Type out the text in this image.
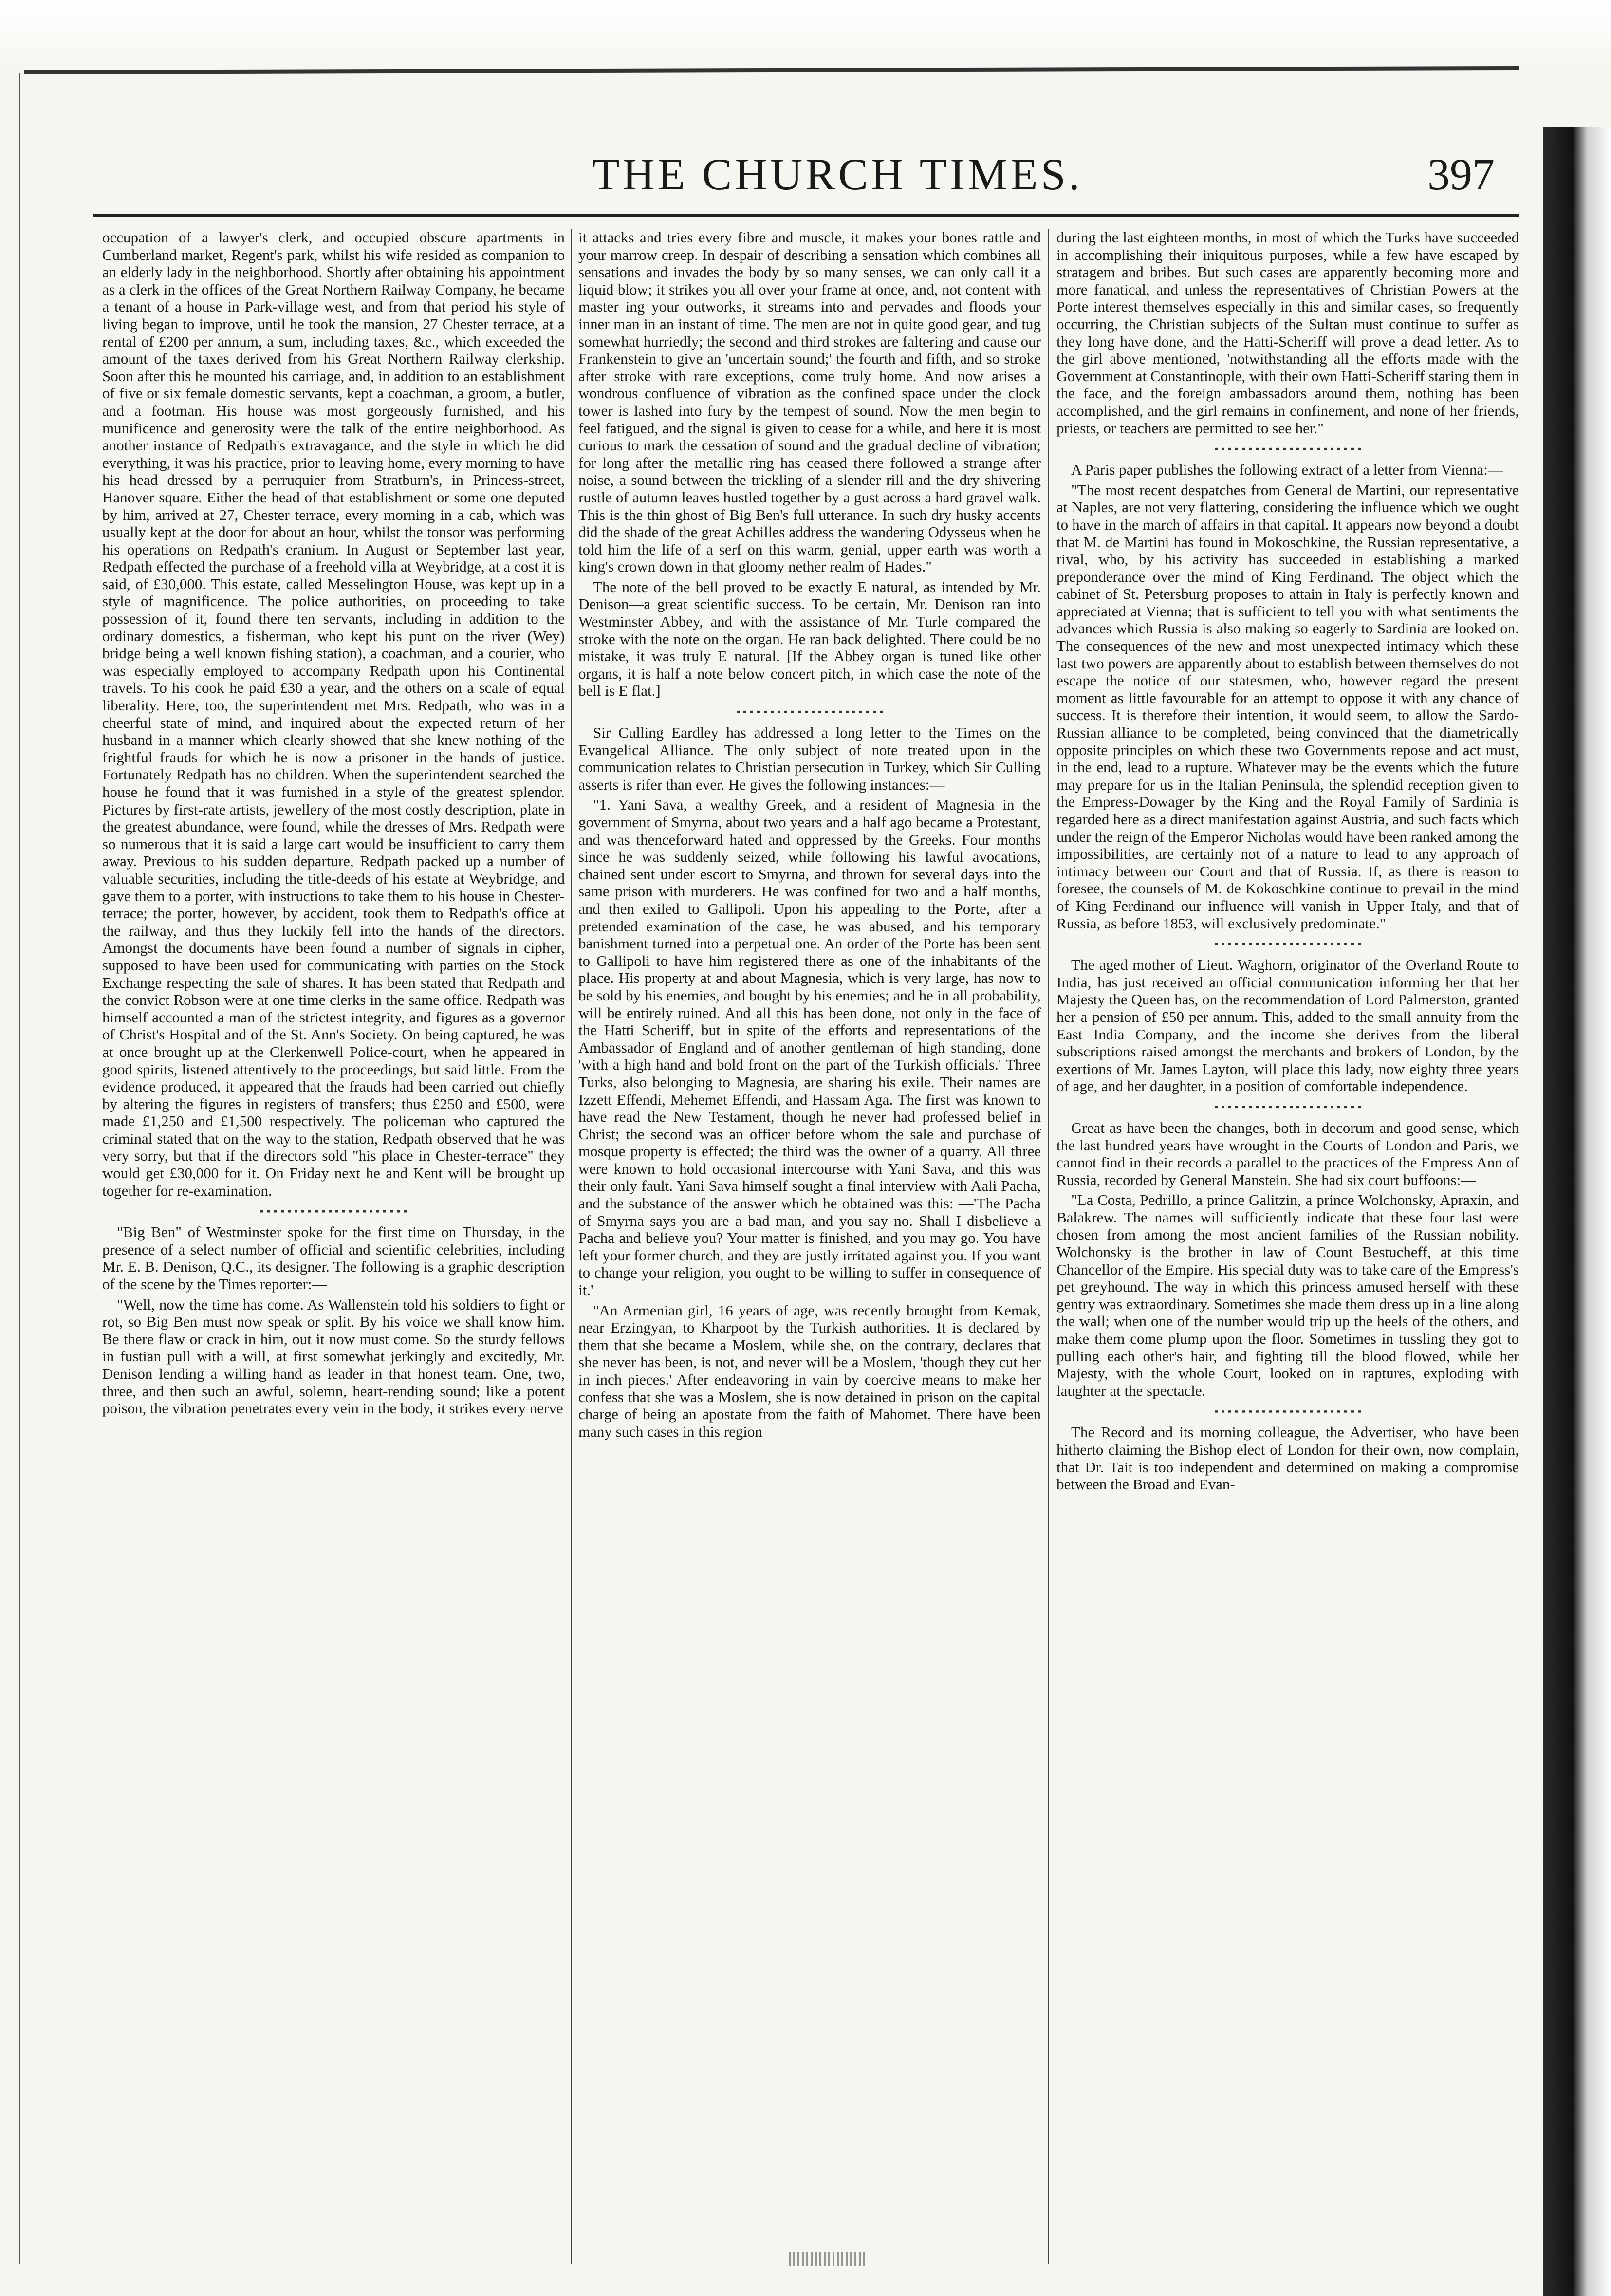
THE CHURCH TIMES.	397

occupation of a lawyer's clerk, and occupied obscure apartments in Cumberland market, Regent's park, whilst his wife resided as companion to an elderly lady in the neighborhood. Shortly after obtaining his appointment as a clerk in the offices of the Great Northern Railway Company, he became a tenant of a house in Park-village west, and from that period his style of living began to improve, until he took the mansion, 27 Chester terrace, at a rental of £200 per annum, a sum, including taxes, &c., which exceeded the amount of the taxes derived from his Great Northern Railway clerkship. Soon after this he mounted his carriage, and, in addition to an establishment of five or six female domestic servants, kept a coachman, a groom, a butler, and a footman. His house was most gorgeously furnished, and his munificence and generosity were the talk of the entire neighborhood. As another instance of Redpath's extravagance, and the style in which he did everything, it was his practice, prior to leaving home, every morning to have his head dressed by a perruquier from Stratburn's, in Princess-street, Hanover square. Either the head of that establishment or some one deputed by him, arrived at 27, Chester terrace, every morning in a cab, which was usually kept at the door for about an hour, whilst the tonsor was performing his operations on Redpath's cranium. In August or September last year, Redpath effected the purchase of a freehold villa at Weybridge, at a cost it is said, of £30,000. This estate, called Messelington House, was kept up in a style of magnificence. The police authorities, on proceeding to take possession of it, found there ten servants, including in addition to the ordinary domestics, a fisherman, who kept his punt on the river (Wey) bridge being a well known fishing station), a coachman, and a courier, who was especially employed to accompany Redpath upon his Continental travels. To his cook he paid £30 a year, and the others on a scale of equal liberality. Here, too, the superintendent met Mrs. Redpath, who was in a cheerful state of mind, and inquired about the expected return of her husband in a manner which clearly showed that she knew nothing of the frightful frauds for which he is now a prisoner in the hands of justice. Fortunately Redpath has no children. When the superintendent searched the house he found that it was furnished in a style of the greatest splendor. Pictures by first-rate artists, jewellery of the most costly description, plate in the greatest abundance, were found, while the dresses of Mrs. Redpath were so numerous that it is said a large cart would be insufficient to carry them away. Previous to his sudden departure, Redpath packed up a number of valuable securities, including the title-deeds of his estate at Weybridge, and gave them to a porter, with instructions to take them to his house in Chester-terrace; the porter, however, by accident, took them to Redpath's office at the railway, and thus they luckily fell into the hands of the directors. Amongst the documents have been found a number of signals in cipher, supposed to have been used for communicating with parties on the Stock Exchange respecting the sale of shares. It has been stated that Redpath and the convict Robson were at one time clerks in the same office. Redpath was himself accounted a man of the strictest integrity, and figures as a governor of Christ's Hospital and of the St. Ann's Society. On being captured, he was at once brought up at the Clerkenwell Police-court, when he appeared in good spirits, listened attentively to the proceedings, but said little. From the evidence produced, it appeared that the frauds had been carried out chiefly by altering the figures in registers of transfers; thus £250 and £500, were made £1,250 and £1,500 respectively. The policeman who captured the criminal stated that on the way to the station, Redpath observed that he was very sorry, but that if the directors sold "his place in Chester-terrace" they would get £30,000 for it. On Friday next he and Kent will be brought up together for re-examination.

"Big Ben" of Westminster spoke for the first time on Thursday, in the presence of a select number of official and scientific celebrities, including Mr. E. B. Denison, Q.C., its designer. The following is a graphic description of the scene by the Times reporter:—

"Well, now the time has come. As Wallenstein told his soldiers to fight or rot, so Big Ben must now speak or split. By his voice we shall know him. Be there flaw or crack in him, out it now must come. So the sturdy fellows in fustian pull with a will, at first somewhat jerkingly and excitedly, Mr. Denison lending a willing hand as leader in that honest team. One, two, three, and then such an awful, solemn, heart-rending sound; like a potent poison, the vibration penetrates every vein in the body, it strikes every nerve

it attacks and tries every fibre and muscle, it makes your bones rattle and your marrow creep. In despair of describing a sensation which combines all sensations and invades the body by so many senses, we can only call it a liquid blow; it strikes you all over your frame at once, and, not content with master ing your outworks, it streams into and pervades and floods your inner man in an instant of time. The men are not in quite good gear, and tug somewhat hurriedly; the second and third strokes are faltering and cause our Frankenstein to give an 'uncertain sound;' the fourth and fifth, and so stroke after stroke with rare exceptions, come truly home. And now arises a wondrous confluence of vibration as the confined space under the clock tower is lashed into fury by the tempest of sound. Now the men begin to feel fatigued, and the signal is given to cease for a while, and here it is most curious to mark the cessation of sound and the gradual decline of vibration; for long after the metallic ring has ceased there followed a strange after noise, a sound between the trickling of a slender rill and the dry shivering rustle of autumn leaves hustled together by a gust across a hard gravel walk. This is the thin ghost of Big Ben's full utterance. In such dry husky accents did the shade of the great Achilles address the wandering Odysseus when he told him the life of a serf on this warm, genial, upper earth was worth a king's crown down in that gloomy nether realm of Hades."

The note of the bell proved to be exactly E natural, as intended by Mr. Denison—a great scientific success. To be certain, Mr. Denison ran into Westminster Abbey, and with the assistance of Mr. Turle compared the stroke with the note on the organ. He ran back delighted. There could be no mistake, it was truly E natural. [If the Abbey organ is tuned like other organs, it is half a note below concert pitch, in which case the note of the bell is E flat.]

Sir Culling Eardley has addressed a long letter to the Times on the Evangelical Alliance. The only subject of note treated upon in the communication relates to Christian persecution in Turkey, which Sir Culling asserts is rifer than ever. He gives the following instances:—

"1. Yani Sava, a wealthy Greek, and a resident of Magnesia in the government of Smyrna, about two years and a half ago became a Protestant, and was thenceforward hated and oppressed by the Greeks. Four months since he was suddenly seized, while following his lawful avocations, chained sent under escort to Smyrna, and thrown for several days into the same prison with murderers. He was confined for two and a half months, and then exiled to Gallipoli. Upon his appealing to the Porte, after a pretended examination of the case, he was abused, and his temporary banishment turned into a perpetual one. An order of the Porte has been sent to Gallipoli to have him registered there as one of the inhabitants of the place. His property at and about Magnesia, which is very large, has now to be sold by his enemies, and bought by his enemies; and he in all probability, will be entirely ruined. And all this has been done, not only in the face of the Hatti Scheriff, but in spite of the efforts and representations of the Ambassador of England and of another gentleman of high standing, done 'with a high hand and bold front on the part of the Turkish officials.' Three Turks, also belonging to Magnesia, are sharing his exile. Their names are Izzett Effendi, Mehemet Effendi, and Hassam Aga. The first was known to have read the New Testament, though he never had professed belief in Christ; the second was an officer before whom the sale and purchase of mosque property is effected; the third was the owner of a quarry. All three were known to hold occasional intercourse with Yani Sava, and this was their only fault. Yani Sava himself sought a final interview with Aali Pacha, and the substance of the answer which he obtained was this: —'The Pacha of Smyrna says you are a bad man, and you say no. Shall I disbelieve a Pacha and believe you? Your matter is finished, and you may go. You have left your former church, and they are justly irritated against you. If you want to change your religion, you ought to be willing to suffer in consequence of it.'

"An Armenian girl, 16 years of age, was recently brought from Kemak, near Erzingyan, to Kharpoot by the Turkish authorities. It is declared by them that she became a Moslem, while she, on the contrary, declares that she never has been, is not, and never will be a Moslem, 'though they cut her in inch pieces.' After endeavoring in vain by coercive means to make her confess that she was a Moslem, she is now detained in prison on the capital charge of being an apostate from the faith of Mahomet. There have been many such cases in this region

during the last eighteen months, in most of which the Turks have succeeded in accomplishing their iniquitous purposes, while a few have escaped by stratagem and bribes. But such cases are apparently becoming more and more fanatical, and unless the representatives of Christian Powers at the Porte interest themselves especially in this and similar cases, so frequently occurring, the Christian subjects of the Sultan must continue to suffer as they long have done, and the Hatti-Scheriff will prove a dead letter. As to the girl above mentioned, 'notwithstanding all the efforts made with the Government at Constantinople, with their own Hatti-Scheriff staring them in the face, and the foreign ambassadors around them, nothing has been accomplished, and the girl remains in confinement, and none of her friends, priests, or teachers are permitted to see her."

A Paris paper publishes the following extract of a letter from Vienna:—

"The most recent despatches from General de Martini, our representative at Naples, are not very flattering, considering the influence which we ought to have in the march of affairs in that capital. It appears now beyond a doubt that M. de Martini has found in Mokoschkine, the Russian representative, a rival, who, by his activity has succeeded in establishing a marked preponderance over the mind of King Ferdinand. The object which the cabinet of St. Petersburg proposes to attain in Italy is perfectly known and appreciated at Vienna; that is sufficient to tell you with what sentiments the advances which Russia is also making so eagerly to Sardinia are looked on. The consequences of the new and most unexpected intimacy which these last two powers are apparently about to establish between themselves do not escape the notice of our statesmen, who, however regard the present moment as little favourable for an attempt to oppose it with any chance of success. It is therefore their intention, it would seem, to allow the Sardo-Russian alliance to be completed, being convinced that the diametrically opposite principles on which these two Governments repose and act must, in the end, lead to a rupture. Whatever may be the events which the future may prepare for us in the Italian Peninsula, the splendid reception given to the Empress-Dowager by the King and the Royal Family of Sardinia is regarded here as a direct manifestation against Austria, and such facts which under the reign of the Emperor Nicholas would have been ranked among the impossibilities, are certainly not of a nature to lead to any approach of intimacy between our Court and that of Russia. If, as there is reason to foresee, the counsels of M. de Kokoschkine continue to prevail in the mind of King Ferdinand our influence will vanish in Upper Italy, and that of Russia, as before 1853, will exclusively predominate."

The aged mother of Lieut. Waghorn, originator of the Overland Route to India, has just received an official communication informing her that her Majesty the Queen has, on the recommendation of Lord Palmerston, granted her a pension of £50 per annum. This, added to the small annuity from the East India Company, and the income she derives from the liberal subscriptions raised amongst the merchants and brokers of London, by the exertions of Mr. James Layton, will place this lady, now eighty three years of age, and her daughter, in a position of comfortable independence.

Great as have been the changes, both in decorum and good sense, which the last hundred years have wrought in the Courts of London and Paris, we cannot find in their records a parallel to the practices of the Empress Ann of Russia, recorded by General Manstein. She had six court buffoons:—

"La Costa, Pedrillo, a prince Galitzin, a prince Wolchonsky, Apraxin, and Balakrew. The names will sufficiently indicate that these four last were chosen from among the most ancient families of the Russian nobility. Wolchonsky is the brother in law of Count Bestucheff, at this time Chancellor of the Empire. His special duty was to take care of the Empress's pet greyhound. The way in which this princess amused herself with these gentry was extraordinary. Sometimes she made them dress up in a line along the wall; when one of the number would trip up the heels of the others, and make them come plump upon the floor. Sometimes in tussling they got to pulling each other's hair, and fighting till the blood flowed, while her Majesty, with the whole Court, looked on in raptures, exploding with laughter at the spectacle.

The Record and its morning colleague, the Advertiser, who have been hitherto claiming the Bishop elect of London for their own, now complain, that Dr. Tait is too independent and determined on making a compromise between the Broad and Evan-
